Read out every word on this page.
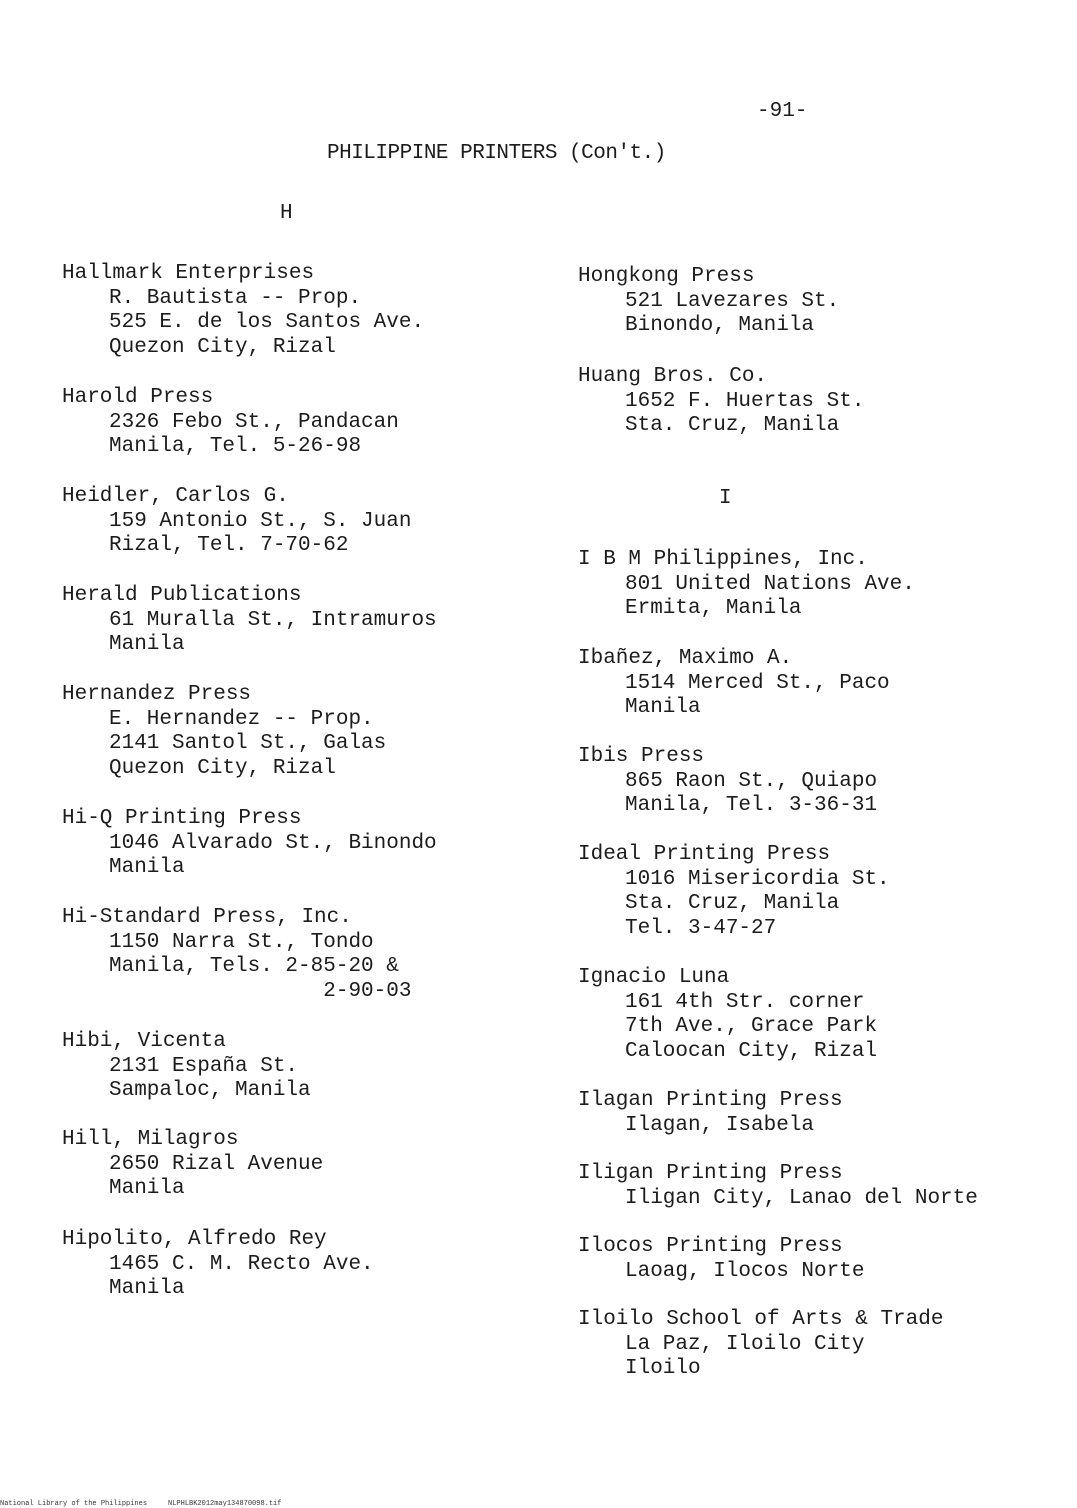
-91-
PHILIPPINE PRINTERS (Con't.)
H
I
Hallmark Enterprises
R. Bautista -- Prop.
525 E. de los Santos Ave.
Quezon City, Rizal
Harold Press
2326 Febo St., Pandacan
Manila, Tel. 5-26-98
Heidler, Carlos G.
159 Antonio St., S. Juan
Rizal, Tel. 7-70-62
Herald Publications
61 Muralla St., Intramuros
Manila
Hernandez Press
E. Hernandez -- Prop.
2141 Santol St., Galas
Quezon City, Rizal
Hi-Q Printing Press
1046 Alvarado St., Binondo
Manila
Hi-Standard Press, Inc.
1150 Narra St., Tondo
Manila, Tels. 2-85-20 &
2-90-03
Hibi, Vicenta
2131 España St.
Sampaloc, Manila
Hill, Milagros
2650 Rizal Avenue
Manila
Hipolito, Alfredo Rey
1465 C. M. Recto Ave.
Manila
Hongkong Press
521 Lavezares St.
Binondo, Manila
Huang Bros. Co.
1652 F. Huertas St.
Sta. Cruz, Manila
I B M Philippines, Inc.
801 United Nations Ave.
Ermita, Manila
Ibañez, Maximo A.
1514 Merced St., Paco
Manila
Ibis Press
865 Raon St., Quiapo
Manila, Tel. 3-36-31
Ideal Printing Press
1016 Misericordia St.
Sta. Cruz, Manila
Tel. 3-47-27
Ignacio Luna
161 4th Str. corner
7th Ave., Grace Park
Caloocan City, Rizal
Ilagan Printing Press
Ilagan, Isabela
Iligan Printing Press
Iligan City, Lanao del Norte
Ilocos Printing Press
Laoag, Ilocos Norte
Iloilo School of Arts & Trade
La Paz, Iloilo City
Iloilo
National Library of the Philippines     NLPHLBK2012may134870098.tif
